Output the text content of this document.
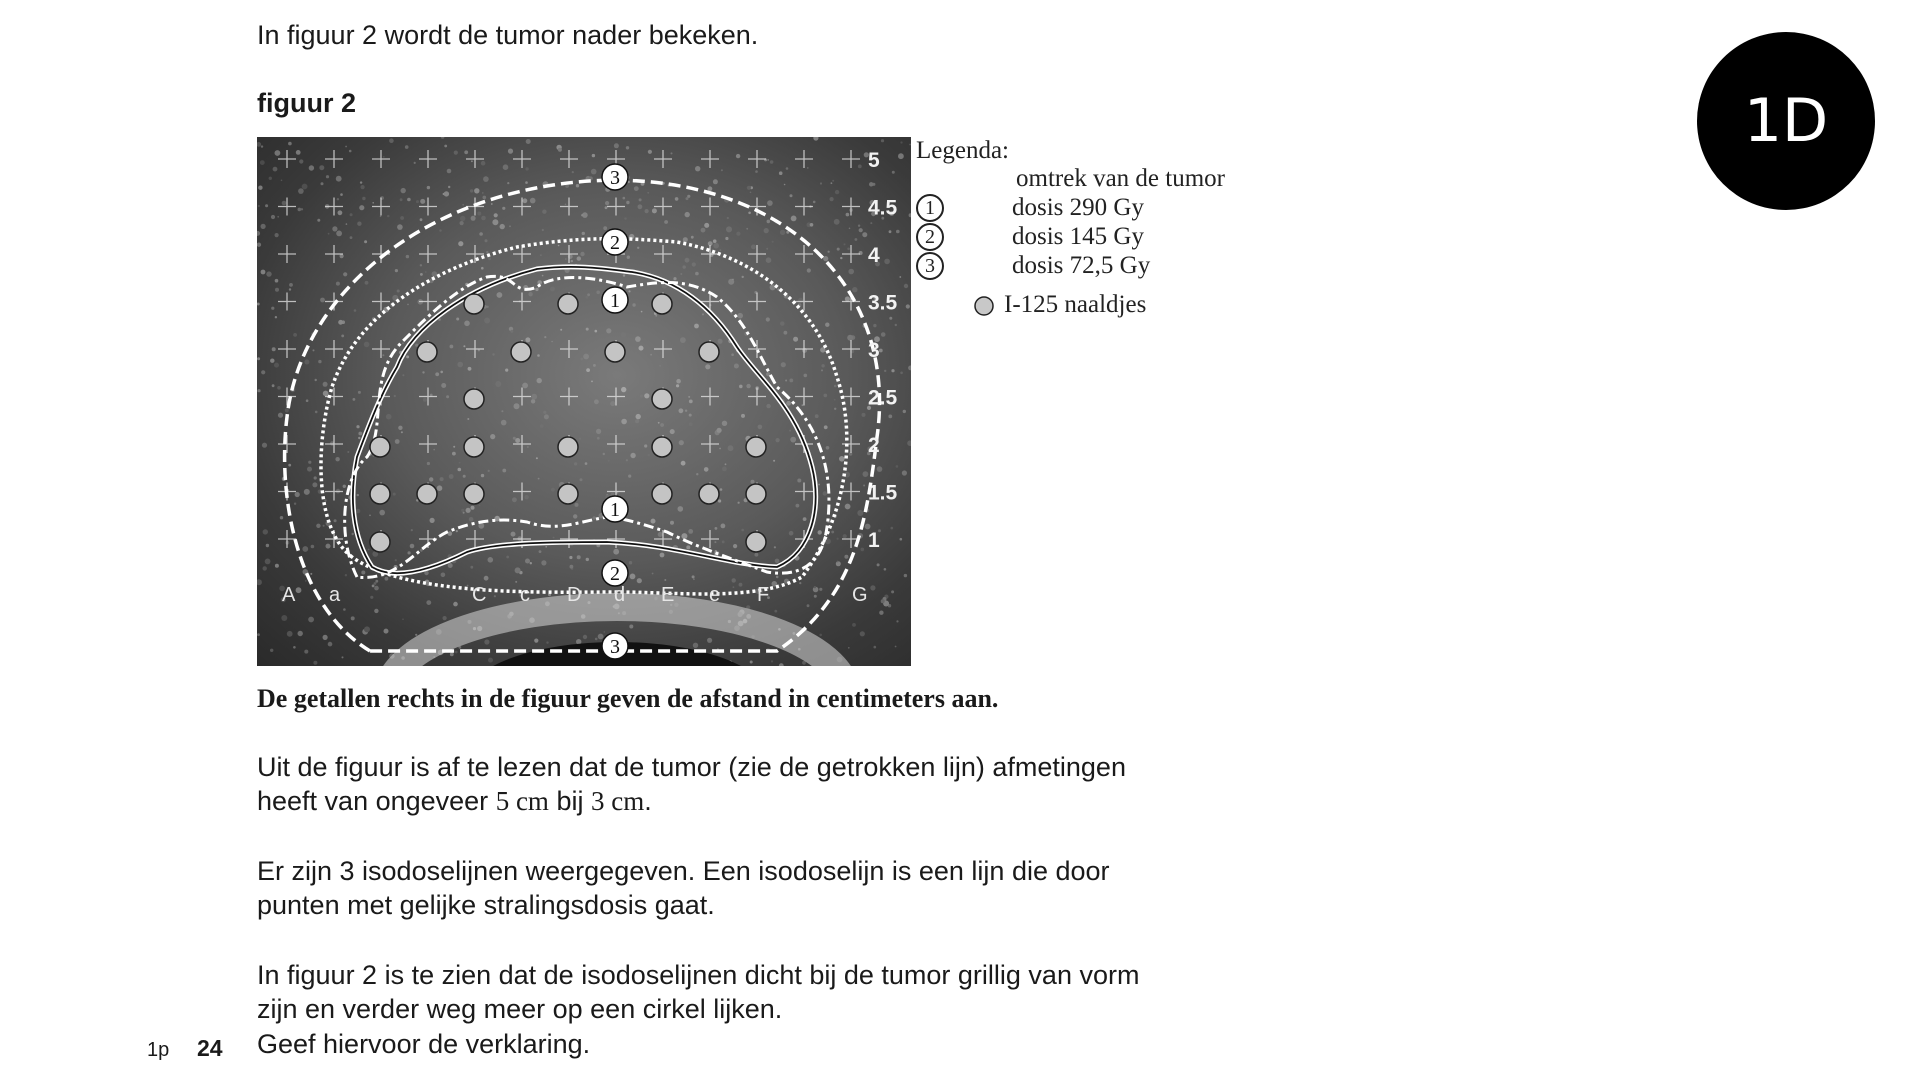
In figuur 2 wordt de tumor nader bekeken.

figuur 2

3
2
1
1
2
3
5
4.5
4
3.5
3
2.5
2
1.5
1
A a	C c D d E e F	G
Legenda:
omtrek van de tumor
1	dosis 290 Gy
2	dosis 145 Gy
3	dosis 72,5 Gy
I-125 naaldjes

De getallen rechts in de figuur geven de afstand in centimeters aan.

Uit de figuur is af te lezen dat de tumor (zie de getrokken lijn) afmetingen
heeft van ongeveer 5 cm bij 3 cm.
Er zijn 3 isodoselijnen weergegeven. Een isodoselijn is een lijn die door
punten met gelijke stralingsdosis gaat.
In figuur 2 is te zien dat de isodoselijnen dicht bij de tumor grillig van vorm
zijn en verder weg meer op een cirkel lijken.
1p 24 Geef hiervoor de verklaring.
1D
